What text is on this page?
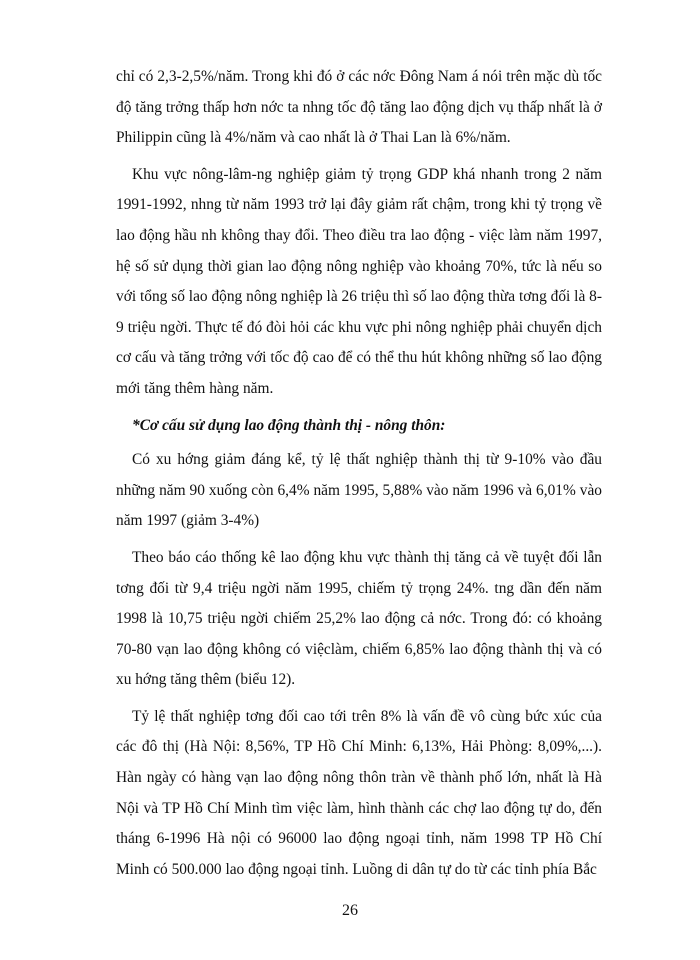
chỉ có 2,3-2,5%/năm. Trong khi đó ở các nớc Đông Nam á nói trên mặc dù tốc độ tăng trởng thấp hơn nớc ta nhng tốc độ tăng lao động dịch vụ thấp nhất là ở Philippin cũng là 4%/năm và cao nhất là ở Thai Lan là 6%/năm.

Khu vực nông-lâm-ng nghiệp giảm tỷ trọng GDP khá nhanh trong 2 năm 1991-1992, nhng từ năm 1993 trở lại đây giảm rất chậm, trong khi tỷ trọng về lao động hầu nh không thay đổi. Theo điều tra lao động - việc làm năm 1997, hệ số sử dụng thời gian lao động nông nghiệp vào khoảng 70%, tức là nếu so với tổng số lao động nông nghiệp là 26 triệu thì số lao động thừa tơng đối là 8-9 triệu ngời. Thực tế đó đòi hỏi các khu vực phi nông nghiệp phải chuyển dịch cơ cấu và tăng trởng với tốc độ cao để có thể thu hút không những số lao động mới tăng thêm hàng năm.

*Cơ cấu sử dụng lao động thành thị - nông thôn:

Có xu hớng giảm đáng kể, tỷ lệ thất nghiệp thành thị từ 9-10% vào đầu những năm 90 xuống còn 6,4% năm 1995, 5,88% vào năm 1996 và 6,01% vào năm 1997 (giảm 3-4%)

Theo báo cáo thống kê lao động khu vực thành thị tăng cả về tuyệt đối lẫn tơng đối từ 9,4 triệu ngời năm 1995, chiếm tỷ trọng 24%. tng dần đến năm 1998 là 10,75 triệu ngời chiếm 25,2% lao động cả nớc. Trong đó: có khoảng 70-80 vạn lao động không có việclàm, chiếm 6,85% lao động thành thị và có xu hớng tăng thêm (biểu 12).

Tỷ lệ thất nghiệp tơng đối cao tới trên 8% là vấn đề vô cùng bức xúc của các đô thị (Hà Nội: 8,56%, TP Hồ Chí Minh: 6,13%, Hải Phòng: 8,09%,...). Hàn ngày có hàng vạn lao động nông thôn tràn về thành phố lớn, nhất là Hà Nội và TP Hồ Chí Minh tìm việc làm, hình thành các chợ lao động tự do, đến tháng 6-1996 Hà nội có 96000 lao động ngoại tỉnh, năm 1998 TP Hồ Chí Minh có 500.000 lao động ngoại tỉnh. Luồng di dân tự do từ các tỉnh phía Bắc

26
